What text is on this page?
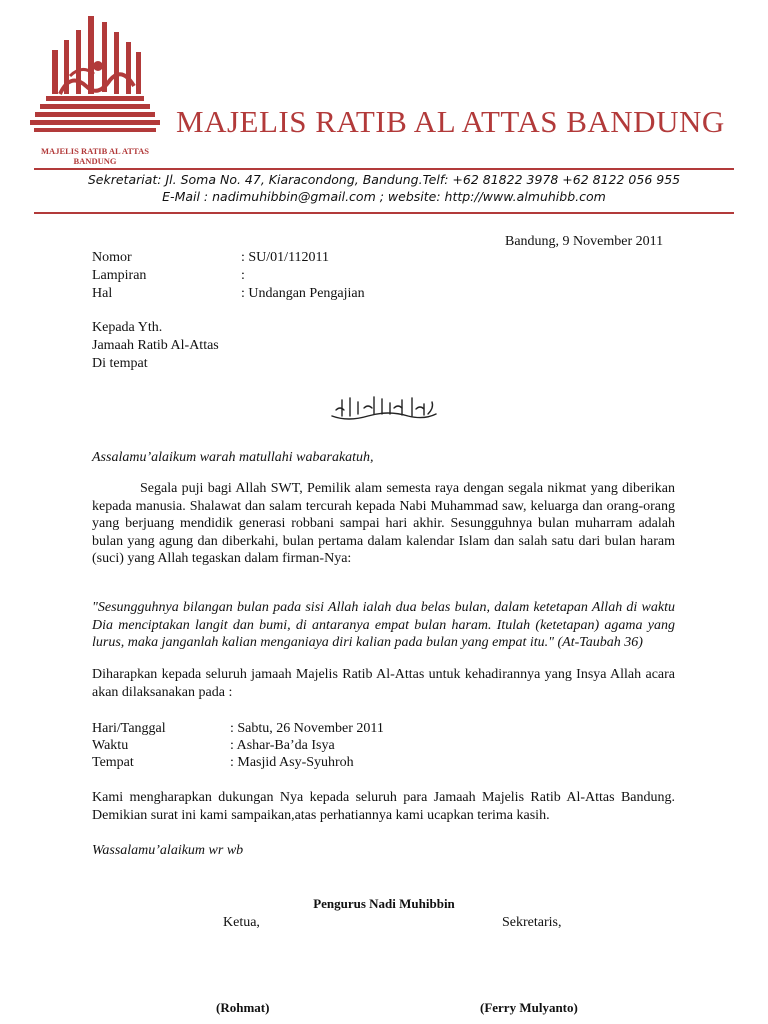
MAJELIS RATIB AL ATTAS
BANDUNG
MAJELIS RATIB AL ATTAS BANDUNG
Sekretariat: Jl. Soma No. 47, Kiaracondong, Bandung.Telf: +62 81822 3978 +62 8122 056 955
E-Mail : nadimuhibbin@gmail.com ; website: http://www.almuhibb.com
Bandung, 9 November 2011
Nomor	: SU/01/112011
Lampiran	:
Hal	: Undangan Pengajian
Kepada Yth.
Jamaah Ratib Al-Attas
Di tempat
Assalamu’alaikum warah matullahi wabarakatuh,
Segala puji bagi Allah SWT, Pemilik alam semesta raya dengan segala nikmat yang diberikan kepada manusia. Shalawat dan salam tercurah kepada Nabi Muhammad saw, keluarga dan orang-orang yang berjuang mendidik generasi robbani sampai hari akhir. Sesungguhnya bulan muharram adalah bulan yang agung dan diberkahi, bulan pertama dalam kalendar Islam dan salah satu dari bulan haram (suci) yang Allah tegaskan dalam firman-Nya:
"Sesungguhnya bilangan bulan pada sisi Allah ialah dua belas bulan, dalam ketetapan Allah di waktu Dia menciptakan langit dan bumi, di antaranya empat bulan haram. Itulah (ketetapan) agama yang lurus, maka janganlah kalian menganiaya diri kalian pada bulan yang empat itu." (At-Taubah 36)
Diharapkan kepada seluruh jamaah Majelis Ratib Al-Attas untuk kehadirannya yang Insya Allah acara akan dilaksanakan pada :
Hari/Tanggal	: Sabtu, 26 November 2011
Waktu	: Ashar-Ba’da Isya
Tempat	: Masjid Asy-Syuhroh
Kami mengharapkan dukungan Nya kepada seluruh para Jamaah Majelis Ratib Al-Attas Bandung. Demikian surat ini kami sampaikan,atas perhatiannya kami ucapkan terima kasih.
Wassalamu’alaikum wr wb
Pengurus Nadi Muhibbin
Ketua,	Sekretaris,
(Rohmat)	(Ferry Mulyanto)
